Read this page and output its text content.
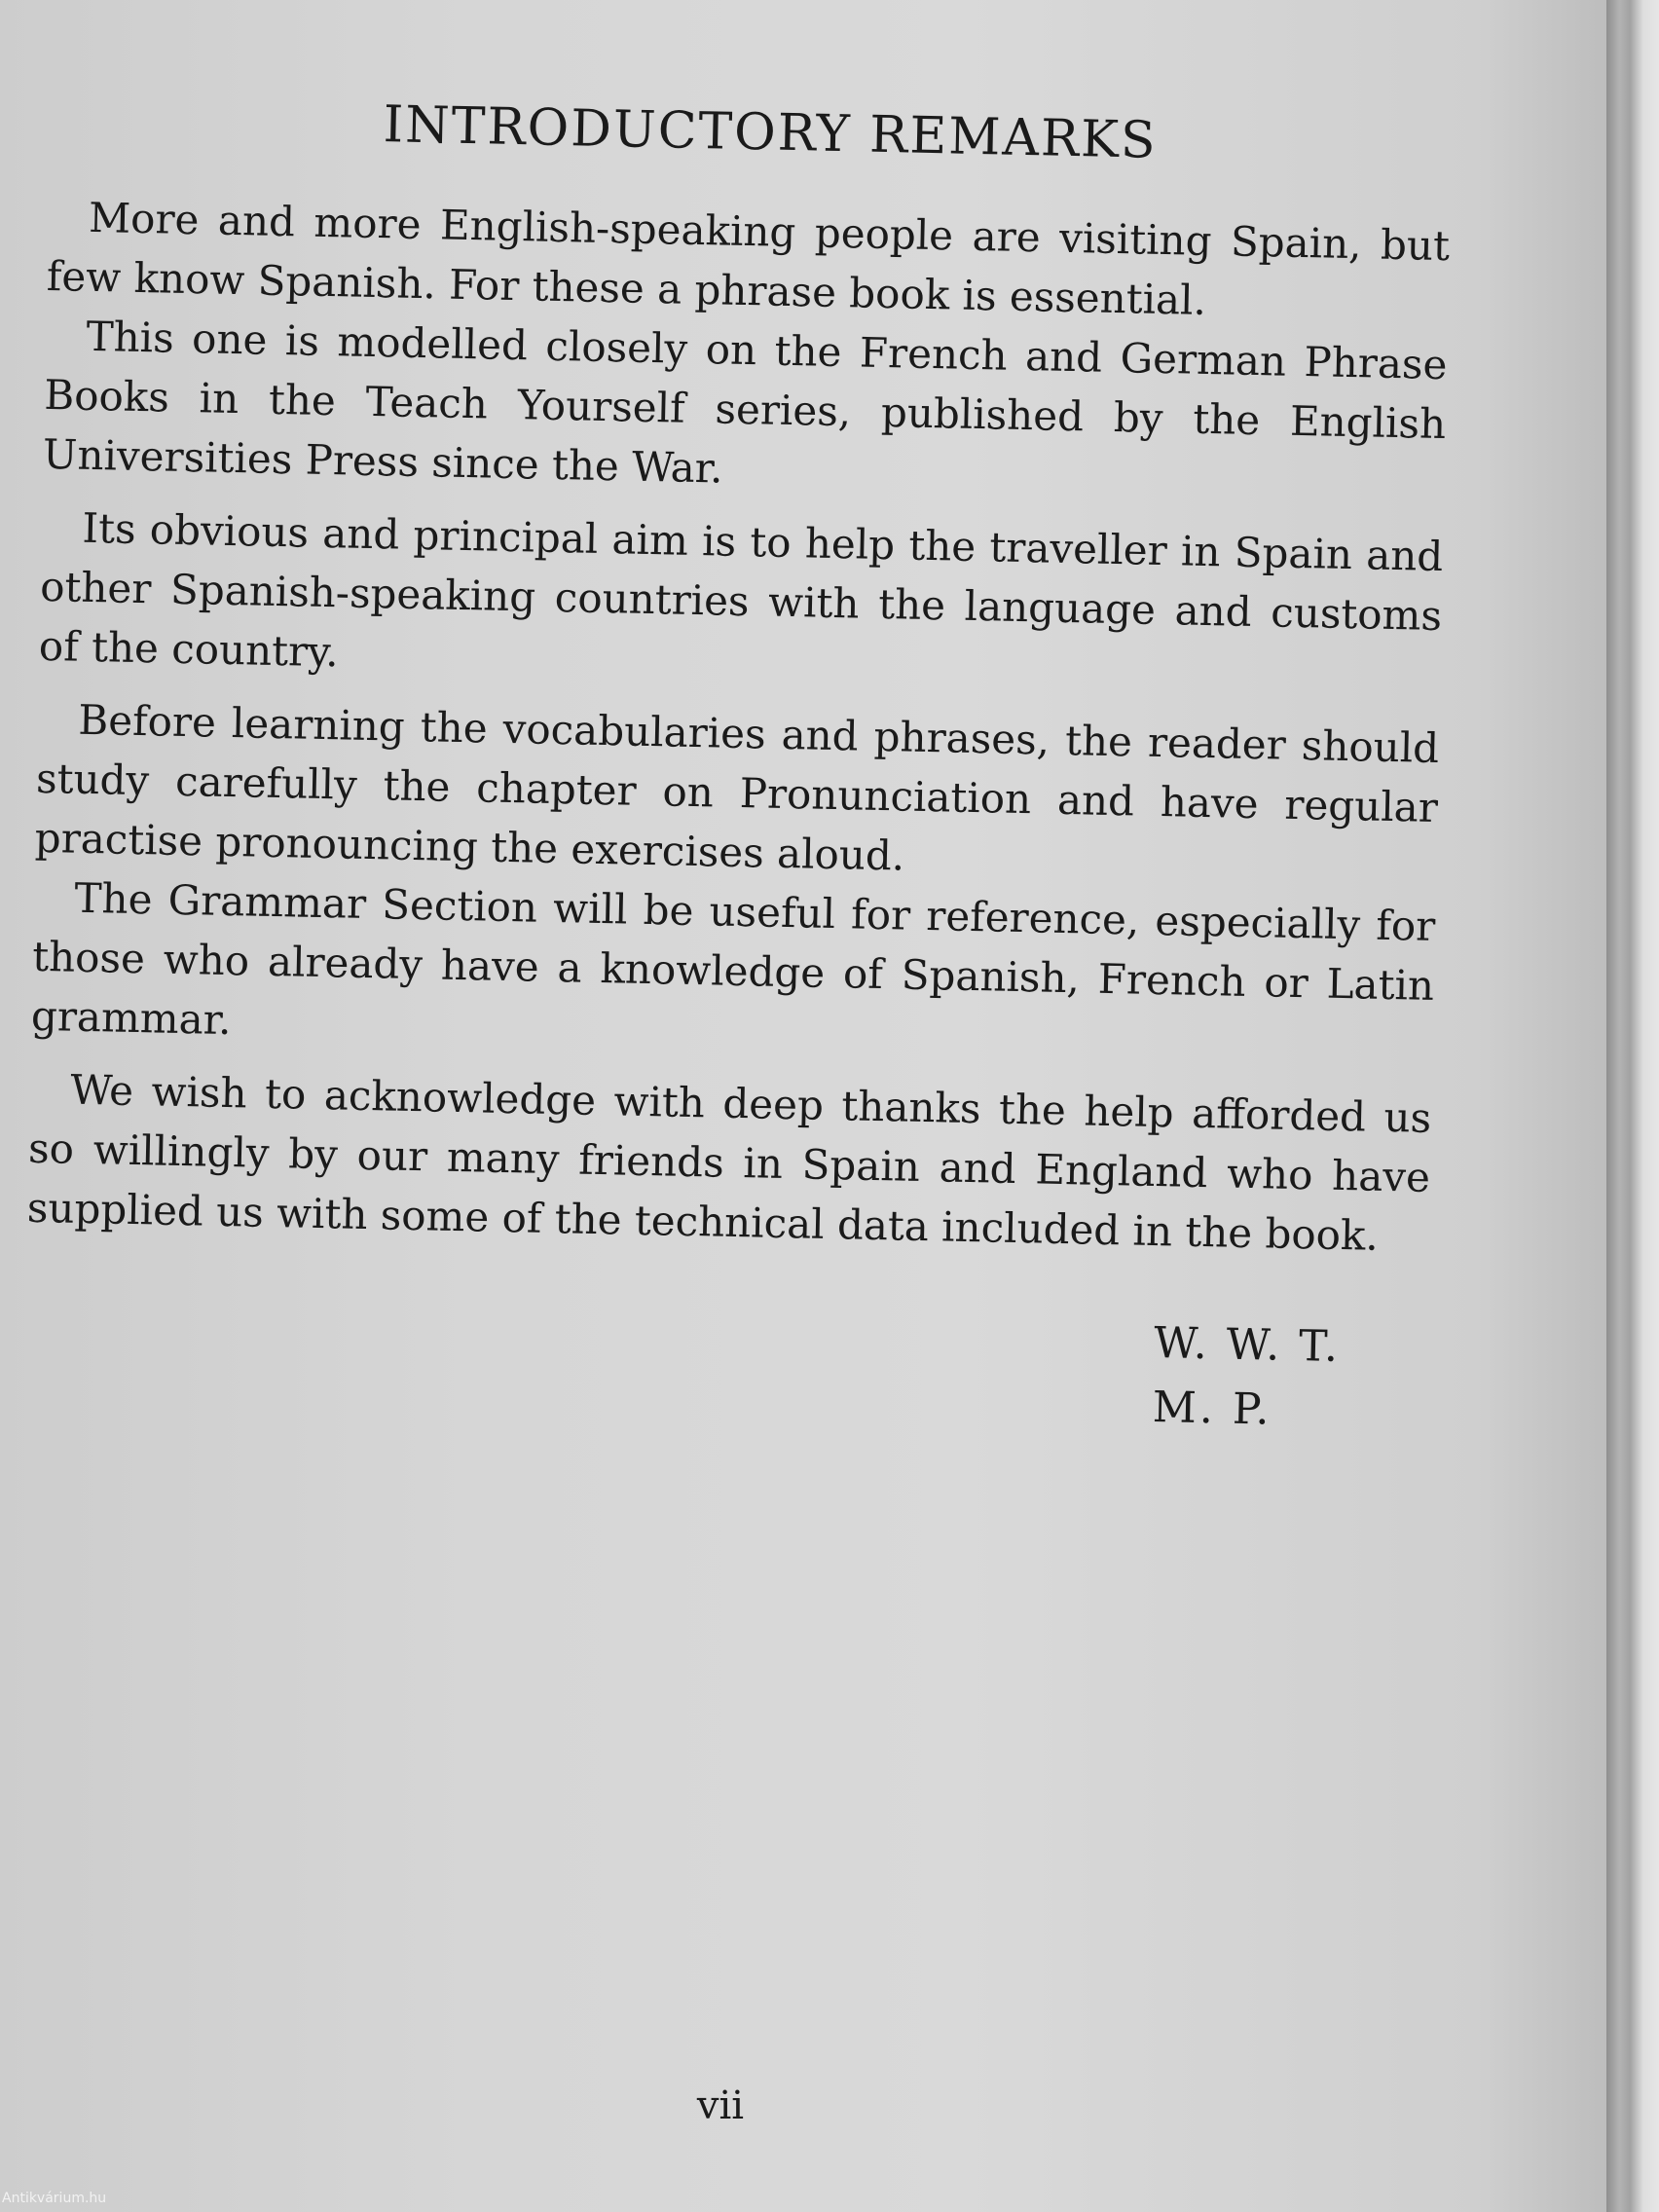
INTRODUCTORY REMARKS

More and more English-speaking people are visiting Spain, but few know Spanish. For these a phrase book is essential.

This one is modelled closely on the French and German Phrase Books in the Teach Yourself series, published by the English Universities Press since the War.

Its obvious and principal aim is to help the traveller in Spain and other Spanish-speaking countries with the language and customs of the country.

Before learning the vocabularies and phrases, the reader should study carefully the chapter on Pronunciation and have regular practise pronouncing the exercises aloud.

The Grammar Section will be useful for reference, especially for those who already have a knowledge of Spanish, French or Latin grammar.

We wish to acknowledge with deep thanks the help afforded us so willingly by our many friends in Spain and England who have supplied us with some of the technical data included in the book.

W. W. T.
M. P.
vii
Antikvárium.hu
